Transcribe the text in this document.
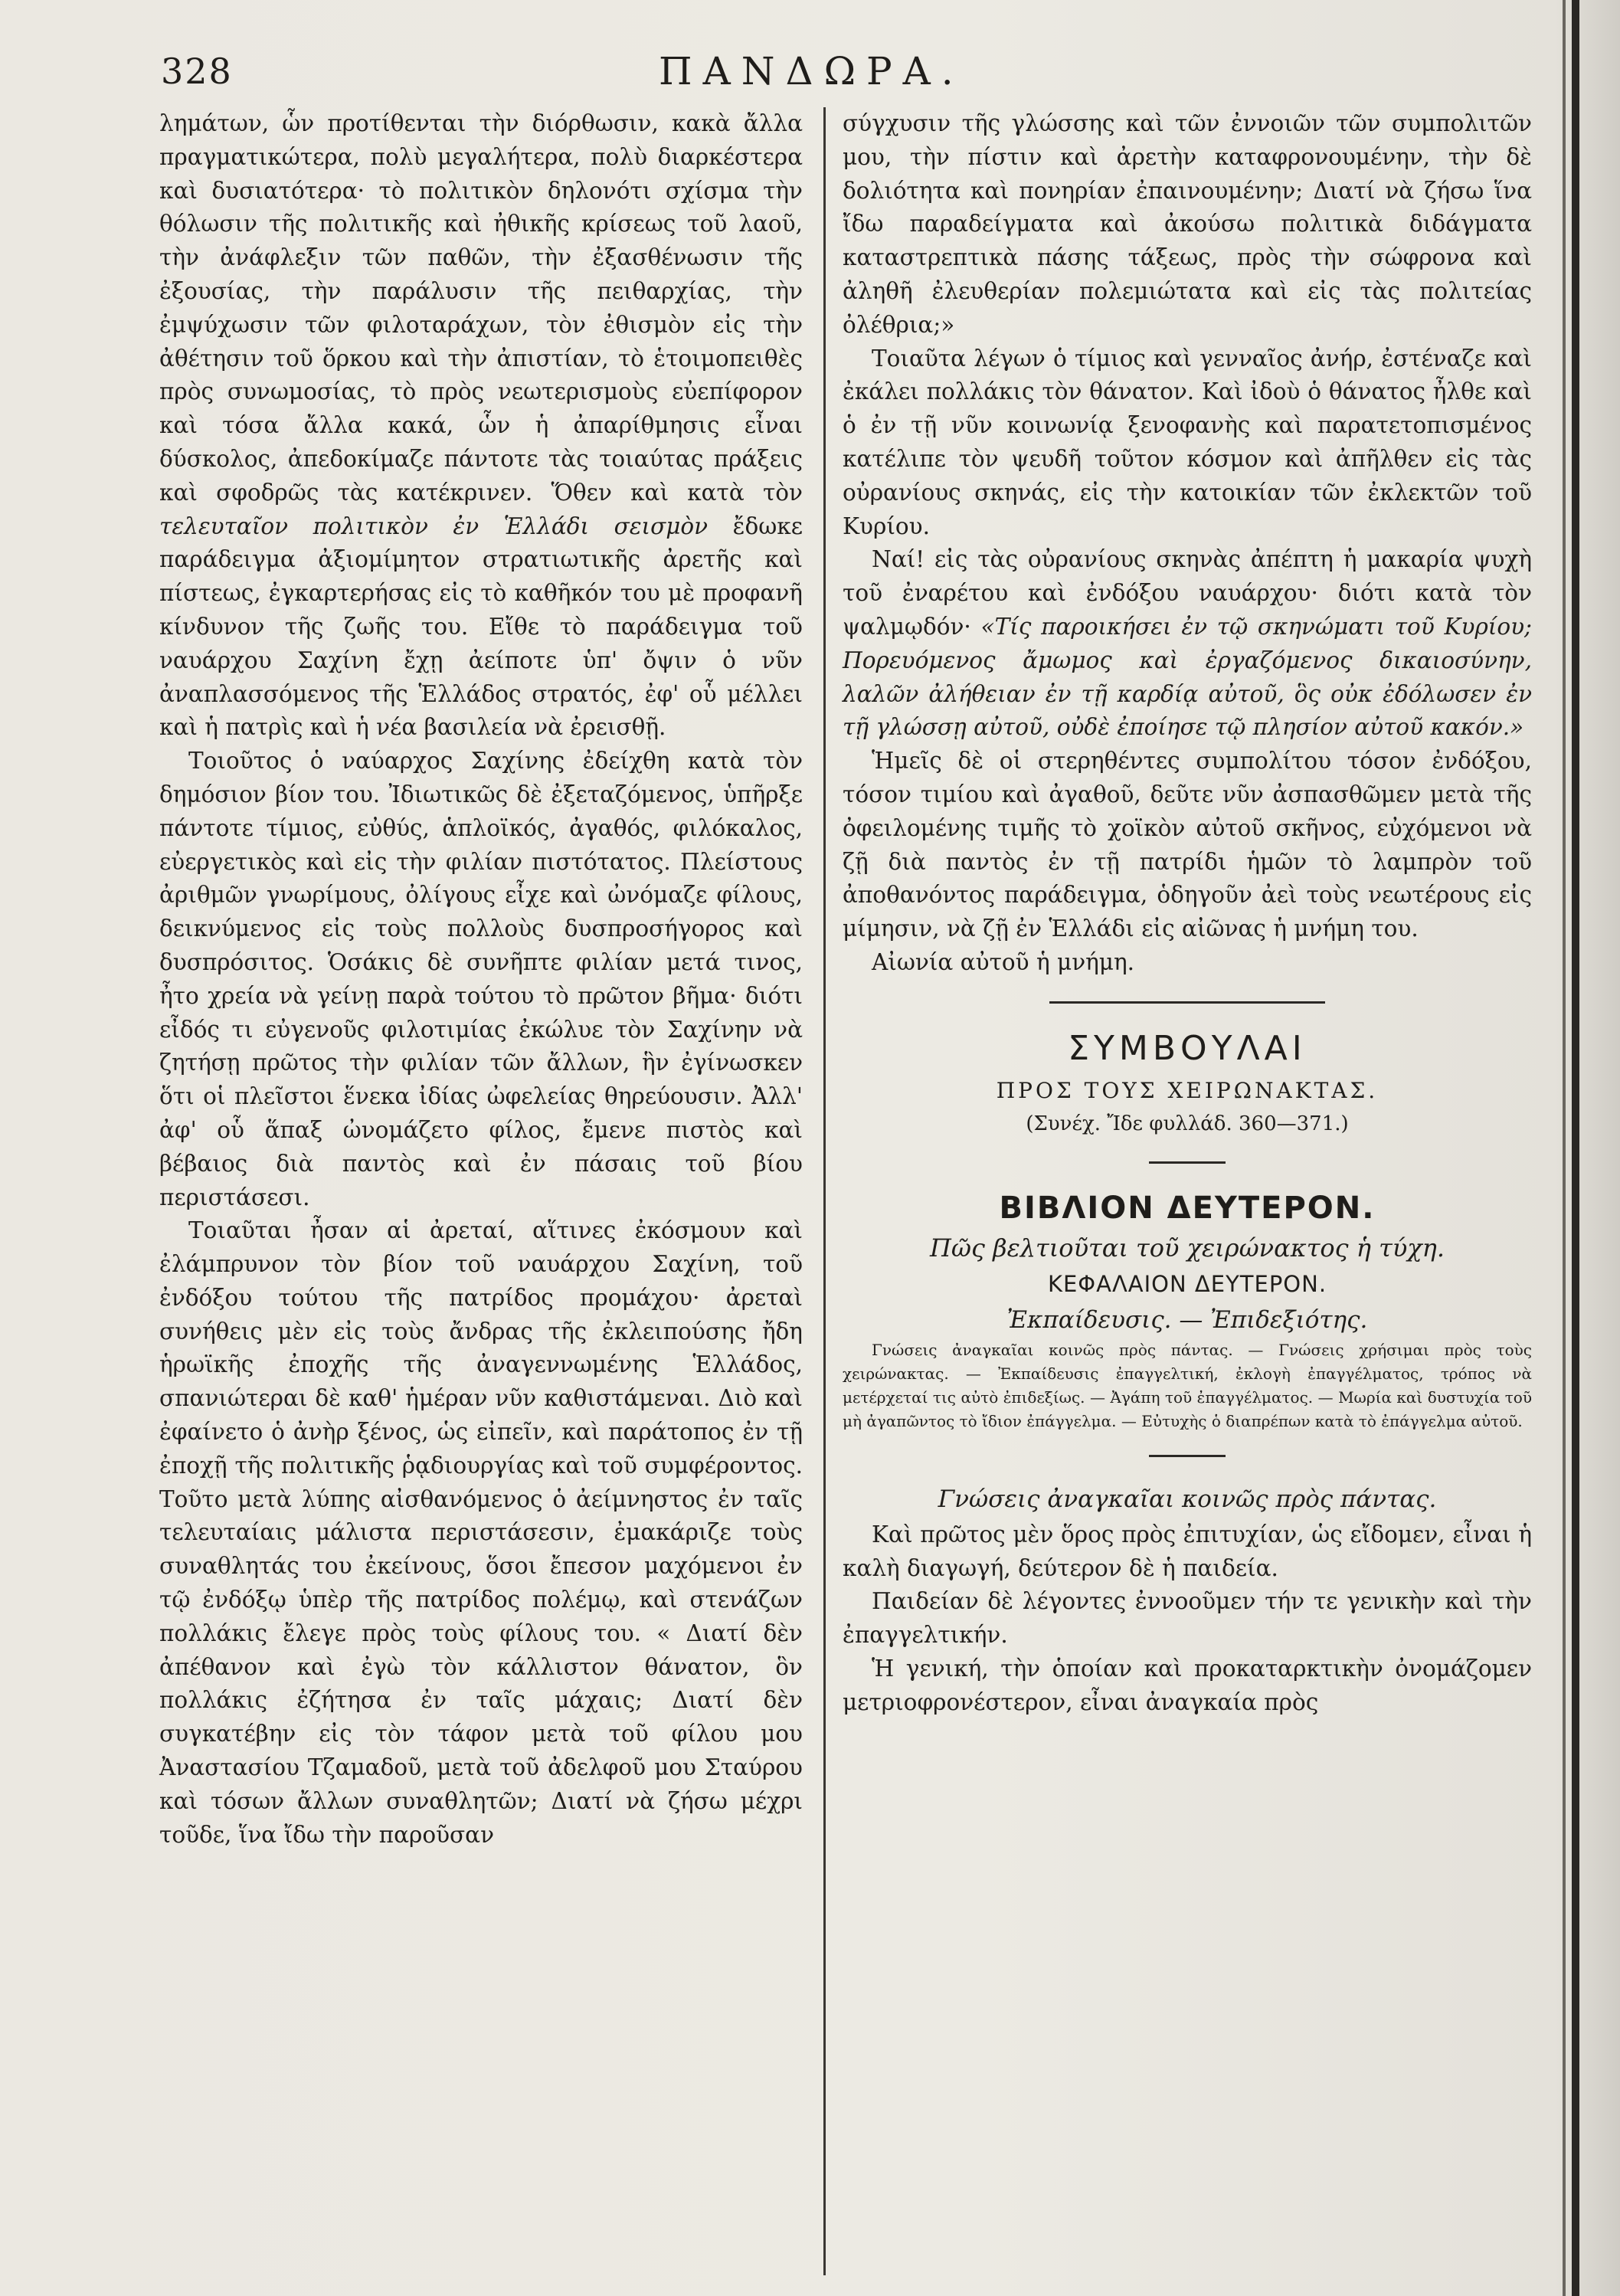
328	ΠΑΝΔΩΡΑ.

λημάτων, ὧν προτίθενται τὴν διόρθωσιν, κακὰ ἄλλα πραγματικώτερα, πολὺ μεγαλήτερα, πολὺ διαρκέστερα καὶ δυσιατότερα· τὸ πολιτικὸν δηλονότι σχίσμα τὴν θόλωσιν τῆς πολιτικῆς καὶ ἠθικῆς κρίσεως τοῦ λαοῦ, τὴν ἀνάφλεξιν τῶν παθῶν, τὴν ἐξασθένωσιν τῆς ἐξουσίας, τὴν παράλυσιν τῆς πειθαρχίας, τὴν ἐμψύχωσιν τῶν φιλοταράχων, τὸν ἐθισμὸν εἰς τὴν ἀθέτησιν τοῦ ὅρκου καὶ τὴν ἀπιστίαν, τὸ ἑτοιμοπειθὲς πρὸς συνωμοσίας, τὸ πρὸς νεωτερισμοὺς εὐεπίφορον καὶ τόσα ἄλλα κακά, ὧν ἡ ἀπαρίθμησις εἶναι δύσκολος, ἀπεδοκίμαζε πάντοτε τὰς τοιαύτας πράξεις καὶ σφοδρῶς τὰς κατέκρινεν. Ὅθεν καὶ κατὰ τὸν τελευταῖον πολιτικὸν ἐν Ἑλλάδι σεισμὸν ἔδωκε παράδειγμα ἀξιομίμητον στρατιωτικῆς ἀρετῆς καὶ πίστεως, ἐγκαρτερήσας εἰς τὸ καθῆκόν του μὲ προφανῆ κίνδυνον τῆς ζωῆς του. Εἴθε τὸ παράδειγμα τοῦ ναυάρχου Σαχίνη ἔχῃ ἀείποτε ὑπ' ὄψιν ὁ νῦν ἀναπλασσόμενος τῆς Ἑλλάδος στρατός, ἐφ' οὗ μέλλει καὶ ἡ πατρὶς καὶ ἡ νέα βασιλεία νὰ ἐρεισθῇ.

Τοιοῦτος ὁ ναύαρχος Σαχίνης ἐδείχθη κατὰ τὸν δημόσιον βίον του. Ἰδιωτικῶς δὲ ἐξεταζόμενος, ὑπῆρξε πάντοτε τίμιος, εὐθύς, ἁπλοϊκός, ἀγαθός, φιλόκαλος, εὐεργετικὸς καὶ εἰς τὴν φιλίαν πιστότατος. Πλείστους ἀριθμῶν γνωρίμους, ὀλίγους εἶχε καὶ ὠνόμαζε φίλους, δεικνύμενος εἰς τοὺς πολλοὺς δυσπροσήγορος καὶ δυσπρόσιτος. Ὁσάκις δὲ συνῆπτε φιλίαν μετά τινος, ἦτο χρεία νὰ γείνῃ παρὰ τούτου τὸ πρῶτον βῆμα· διότι εἶδός τι εὐγενοῦς φιλοτιμίας ἐκώλυε τὸν Σαχίνην νὰ ζητήσῃ πρῶτος τὴν φιλίαν τῶν ἄλλων, ἣν ἐγίνωσκεν ὅτι οἱ πλεῖστοι ἕνεκα ἰδίας ὠφελείας θηρεύουσιν. Ἀλλ' ἀφ' οὗ ἅπαξ ὠνομάζετο φίλος, ἔμενε πιστὸς καὶ βέβαιος διὰ παντὸς καὶ ἐν πάσαις τοῦ βίου περιστάσεσι.

Τοιαῦται ἦσαν αἱ ἀρεταί, αἵτινες ἐκόσμουν καὶ ἐλάμπρυνον τὸν βίον τοῦ ναυάρχου Σαχίνη, τοῦ ἐνδόξου τούτου τῆς πατρίδος προμάχου· ἀρεταὶ συνήθεις μὲν εἰς τοὺς ἄνδρας τῆς ἐκλειπούσης ἤδη ἡρωϊκῆς ἐποχῆς τῆς ἀναγεννωμένης Ἑλλάδος, σπανιώτεραι δὲ καθ' ἡμέραν νῦν καθιστάμεναι. Διὸ καὶ ἐφαίνετο ὁ ἀνὴρ ξένος, ὡς εἰπεῖν, καὶ παράτοπος ἐν τῇ ἐποχῇ τῆς πολιτικῆς ῥᾳδιουργίας καὶ τοῦ συμφέροντος. Τοῦτο μετὰ λύπης αἰσθανόμενος ὁ ἀείμνηστος ἐν ταῖς τελευταίαις μάλιστα περιστάσεσιν, ἐμακάριζε τοὺς συναθλητάς του ἐκείνους, ὅσοι ἔπεσον μαχόμενοι ἐν τῷ ἐνδόξῳ ὑπὲρ τῆς πατρίδος πολέμῳ, καὶ στενάζων πολλάκις ἔλεγε πρὸς τοὺς φίλους του. « Διατί δὲν ἀπέθανον καὶ ἐγὼ τὸν κάλλιστον θάνατον, ὃν πολλάκις ἐζήτησα ἐν ταῖς μάχαις; Διατί δὲν συγκατέβην εἰς τὸν τάφον μετὰ τοῦ φίλου μου Ἀναστασίου Τζαμαδοῦ, μετὰ τοῦ ἀδελφοῦ μου Σταύρου καὶ τόσων ἄλλων συναθλητῶν; Διατί νὰ ζήσω μέχρι τοῦδε, ἵνα ἴδω τὴν παροῦσαν

σύγχυσιν τῆς γλώσσης καὶ τῶν ἐννοιῶν τῶν συμπολιτῶν μου, τὴν πίστιν καὶ ἀρετὴν καταφρονουμένην, τὴν δὲ δολιότητα καὶ πονηρίαν ἐπαινουμένην; Διατί νὰ ζήσω ἵνα ἴδω παραδείγματα καὶ ἀκούσω πολιτικὰ διδάγματα καταστρεπτικὰ πάσης τάξεως, πρὸς τὴν σώφρονα καὶ ἀληθῆ ἐλευθερίαν πολεμιώτατα καὶ εἰς τὰς πολιτείας ὀλέθρια;»

Τοιαῦτα λέγων ὁ τίμιος καὶ γενναῖος ἀνήρ, ἐστέναζε καὶ ἐκάλει πολλάκις τὸν θάνατον. Καὶ ἰδοὺ ὁ θάνατος ἦλθε καὶ ὁ ἐν τῇ νῦν κοινωνίᾳ ξενοφανὴς καὶ παρατετοπισμένος κατέλιπε τὸν ψευδῆ τοῦτον κόσμον καὶ ἀπῆλθεν εἰς τὰς οὐρανίους σκηνάς, εἰς τὴν κατοικίαν τῶν ἐκλεκτῶν τοῦ Κυρίου.

Ναί! εἰς τὰς οὐρανίους σκηνὰς ἀπέπτη ἡ μακαρία ψυχὴ τοῦ ἐναρέτου καὶ ἐνδόξου ναυάρχου· διότι κατὰ τὸν ψαλμῳδόν· «Τίς παροικήσει ἐν τῷ σκηνώματι τοῦ Κυρίου; Πορευόμενος ἄμωμος καὶ ἐργαζόμενος δικαιοσύνην, λαλῶν ἀλήθειαν ἐν τῇ καρδίᾳ αὐτοῦ, ὃς οὐκ ἐδόλωσεν ἐν τῇ γλώσσῃ αὐτοῦ, οὐδὲ ἐποίησε τῷ πλησίον αὐτοῦ κακόν.»

Ἡμεῖς δὲ οἱ στερηθέντες συμπολίτου τόσον ἐνδόξου, τόσον τιμίου καὶ ἀγαθοῦ, δεῦτε νῦν ἀσπασθῶμεν μετὰ τῆς ὀφειλομένης τιμῆς τὸ χοϊκὸν αὐτοῦ σκῆνος, εὐχόμενοι νὰ ζῇ διὰ παντὸς ἐν τῇ πατρίδι ἡμῶν τὸ λαμπρὸν τοῦ ἀποθανόντος παράδειγμα, ὁδηγοῦν ἀεὶ τοὺς νεωτέρους εἰς μίμησιν, νὰ ζῇ ἐν Ἑλλάδι εἰς αἰῶνας ἡ μνήμη του.

Αἰωνία αὐτοῦ ἡ μνήμη.

ΣΥΜΒΟΥΛΑΙ
ΠΡΟΣ ΤΟΥΣ ΧΕΙΡΩΝΑΚΤΑΣ.
(Συνέχ. Ἴδε φυλλάδ. 360—371.)
ΒΙΒΛΙΟΝ ΔΕΥΤΕΡΟΝ.
Πῶς βελτιοῦται τοῦ χειρώνακτος ἡ τύχη.
ΚΕΦΑΛΑΙΟΝ ΔΕΥΤΕΡΟΝ.
Ἐκπαίδευσις. — Ἐπιδεξιότης.

Γνώσεις ἀναγκαῖαι κοινῶς πρὸς πάντας. — Γνώσεις χρήσιμαι πρὸς τοὺς χειρώνακτας. — Ἐκπαίδευσις ἐπαγγελτική, ἐκλογὴ ἐπαγγέλματος, τρόπος νὰ μετέρχεταί τις αὐτὸ ἐπιδεξίως. — Ἀγάπη τοῦ ἐπαγγέλματος. — Μωρία καὶ δυστυχία τοῦ μὴ ἀγαπῶντος τὸ ἴδιον ἐπάγγελμα. — Εὐτυχὴς ὁ διαπρέπων κατὰ τὸ ἐπάγγελμα αὐτοῦ.

Γνώσεις ἀναγκαῖαι κοινῶς πρὸς πάντας.

Καὶ πρῶτος μὲν ὅρος πρὸς ἐπιτυχίαν, ὡς εἴδομεν, εἶναι ἡ καλὴ διαγωγή, δεύτερον δὲ ἡ παιδεία.

Παιδείαν δὲ λέγοντες ἐννοοῦμεν τήν τε γενικὴν καὶ τὴν ἐπαγγελτικήν.

Ἡ γενική, τὴν ὁποίαν καὶ προκαταρκτικὴν ὀνομάζομεν μετριοφρονέστερον, εἶναι ἀναγκαία πρὸς
